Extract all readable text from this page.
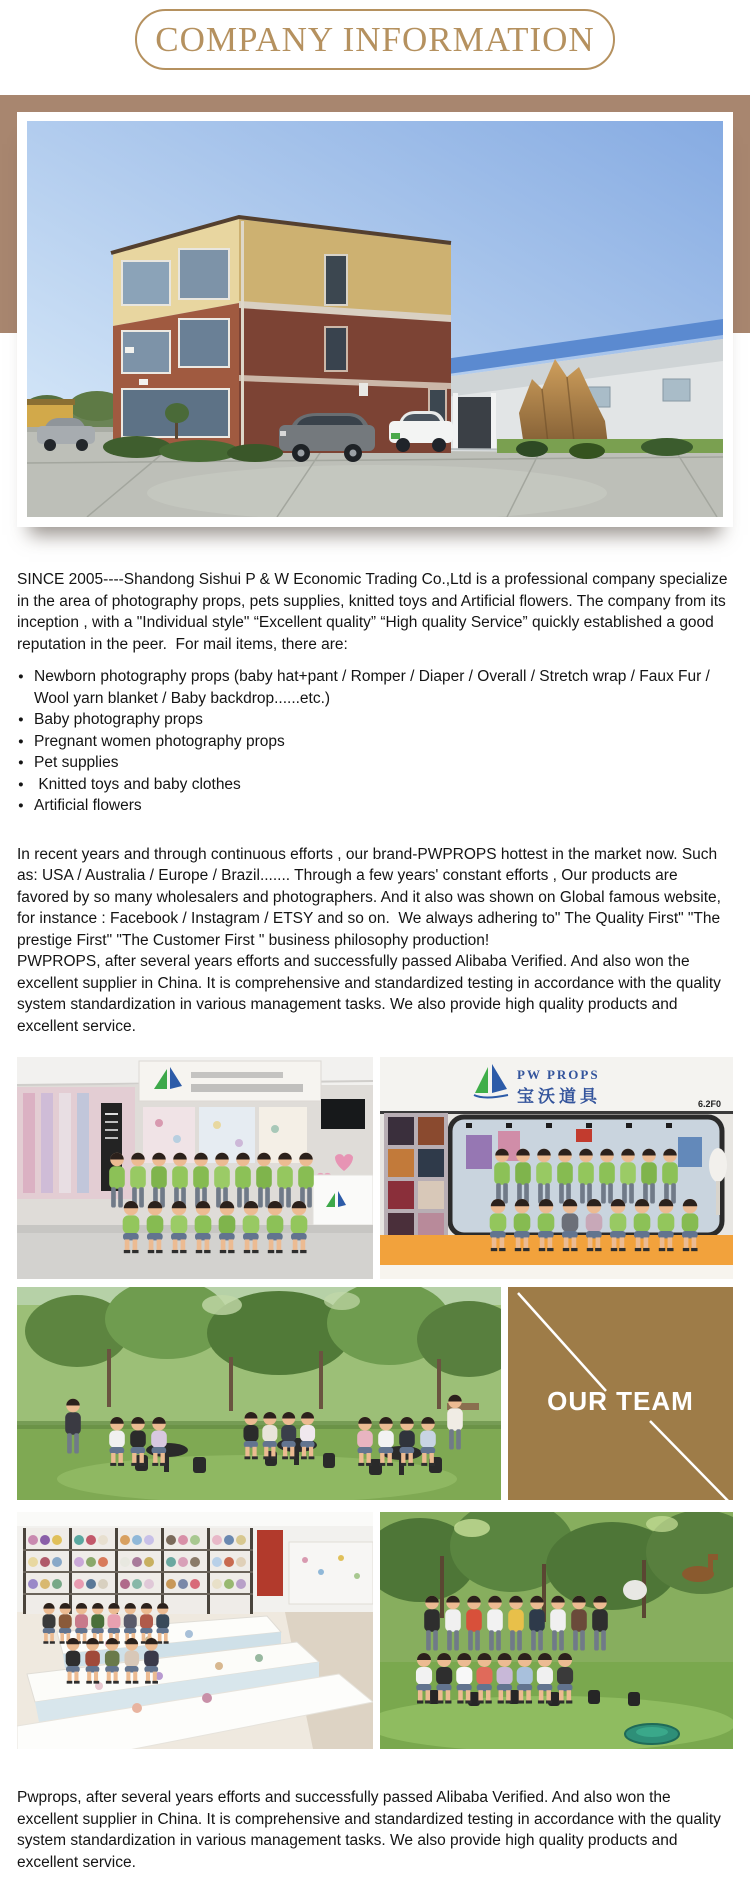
COMPANY INFORMATION

SINCE 2005----Shandong Sishui P & W Economic Trading Co.,Ltd is a professional company specialize in the area of photography props, pets supplies, knitted toys and Artificial flowers. The company from its inception , with a "Individual style" “Excellent quality” “High quality Service” quickly established a good reputation in the peer.  For mail items, there are:

● Newborn photography props (baby hat+pant / Romper / Diaper / Overall / Stretch wrap / Faux Fur / Wool yarn blanket / Baby backdrop......etc.)
● Baby photography props
● Pregnant women photography props
● Pet supplies
●  Knitted toys and baby clothes
● Artificial flowers

In recent years and through continuous efforts , our brand-PWPROPS hottest in the market now. Such as: USA / Australia / Europe / Brazil....... Through a few years' constant efforts , Our products are favored by so many wholesalers and photographers. And it also was shown on Global famous website, for instance : Facebook / Instagram / ETSY and so on.  We always adhering to" The Quality First" "The prestige First" "The Customer First " business philosophy production!

PWPROPS, after several years efforts and successfully passed Alibaba Verified. And also won the excellent supplier in China. It is comprehensive and standardized testing in accordance with the quality system standardization in various management tasks. We also provide high quality products and excellent service.

PW PROPS
宝沃道具	6.2F0
OUR TEAM

Pwprops, after several years efforts and successfully passed Alibaba Verified. And also won the excellent supplier in China. It is comprehensive and standardized testing in accordance with the quality system standardization in various management tasks. We also provide high quality products and excellent service.
